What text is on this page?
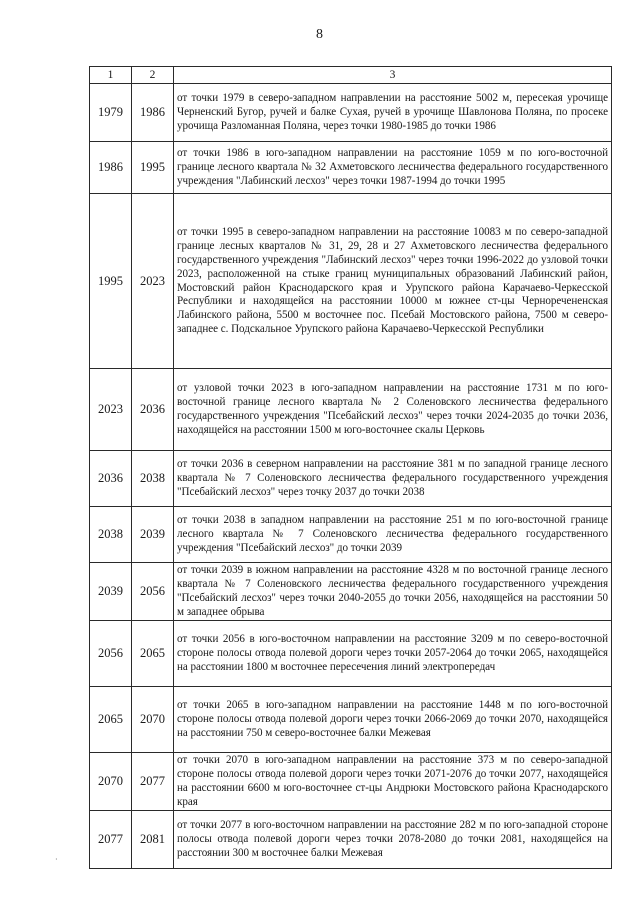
8
1	2	3
1979	1986	от точки 1979 в северо-западном направлении на расстояние 5002 м, пересекая урочище Черненский Бугор, ручей и балке Сухая, ручей в урочище Шавлонова Поляна, по просеке урочища Разломанная Поляна, через точки 1980-1985 до точки 1986
1986	1995	от точки 1986 в юго-западном направлении на расстояние 1059 м по юго-восточной границе лесного квартала № 32 Ахметовского лесничества федерального государственного учреждения "Лабинский лесхоз" через точки 1987-1994 до точки 1995
1995	2023	от точки 1995 в северо-западном направлении на расстояние 10083 м по северо-западной границе лесных кварталов № 31, 29, 28 и 27 Ахметовского лесничества федерального государственного учреждения "Лабинский лесхоз" через точки 1996-2022 до узловой точки 2023, расположенной на стыке границ муниципальных образований Лабинский район, Мостовский район Краснодарского края и Урупского района Карачаево-Черкесской Республики и находящейся на расстоянии 10000 м южнее ст-цы Черноречененская Лабинского района, 5500 м восточнее пос. Псебай Мостовского района, 7500 м северо-западнее с. Подскальное Урупского района Карачаево-Черкесской Республики
2023	2036	от узловой точки 2023 в юго-западном направлении на расстояние 1731 м по юго-восточной границе лесного квартала № 2 Соленовского лесничества федерального государственного учреждения "Псебайский лесхоз" через точки 2024-2035 до точки 2036, находящейся на расстоянии 1500 м юго-восточнее скалы Церковь
2036	2038	от точки 2036 в северном направлении на расстояние 381 м по западной границе лесного квартала № 7 Соленовского лесничества федерального государственного учреждения "Псебайский лесхоз" через точку 2037 до точки 2038
2038	2039	от точки 2038 в западном направлении на расстояние 251 м по юго-восточной границе лесного квартала № 7 Соленовского лесничества федерального государственного учреждения "Псебайский лесхоз" до точки 2039
2039	2056	от точки 2039 в южном направлении на расстояние 4328 м по восточной границе лесного квартала № 7 Соленовского лесничества федерального государственного учреждения "Псебайский лесхоз" через точки 2040-2055 до точки 2056, находящейся на расстоянии 50 м западнее обрыва
2056	2065	от точки 2056 в юго-восточном направлении на расстояние 3209 м по северо-восточной стороне полосы отвода полевой дороги через точки 2057-2064 до точки 2065, находящейся на расстоянии 1800 м восточнее пересечения линий электропередач
2065	2070	от точки 2065 в юго-западном направлении на расстояние 1448 м по юго-восточной стороне полосы отвода полевой дороги через точки 2066-2069 до точки 2070, находящейся на расстоянии 750 м северо-восточнее балки Межевая
2070	2077	от точки 2070 в юго-западном направлении на расстояние 373 м по северо-западной стороне полосы отвода полевой дороги через точки 2071-2076 до точки 2077, находящейся на расстоянии 6600 м юго-восточнее ст-цы Андрюки Мостовского района Краснодарского края
2077	2081	от точки 2077 в юго-восточном направлении на расстояние 282 м по юго-западной стороне полосы отвода полевой дороги через точки 2078-2080 до точки 2081, находящейся на расстоянии 300 м восточнее балки Межевая
·
